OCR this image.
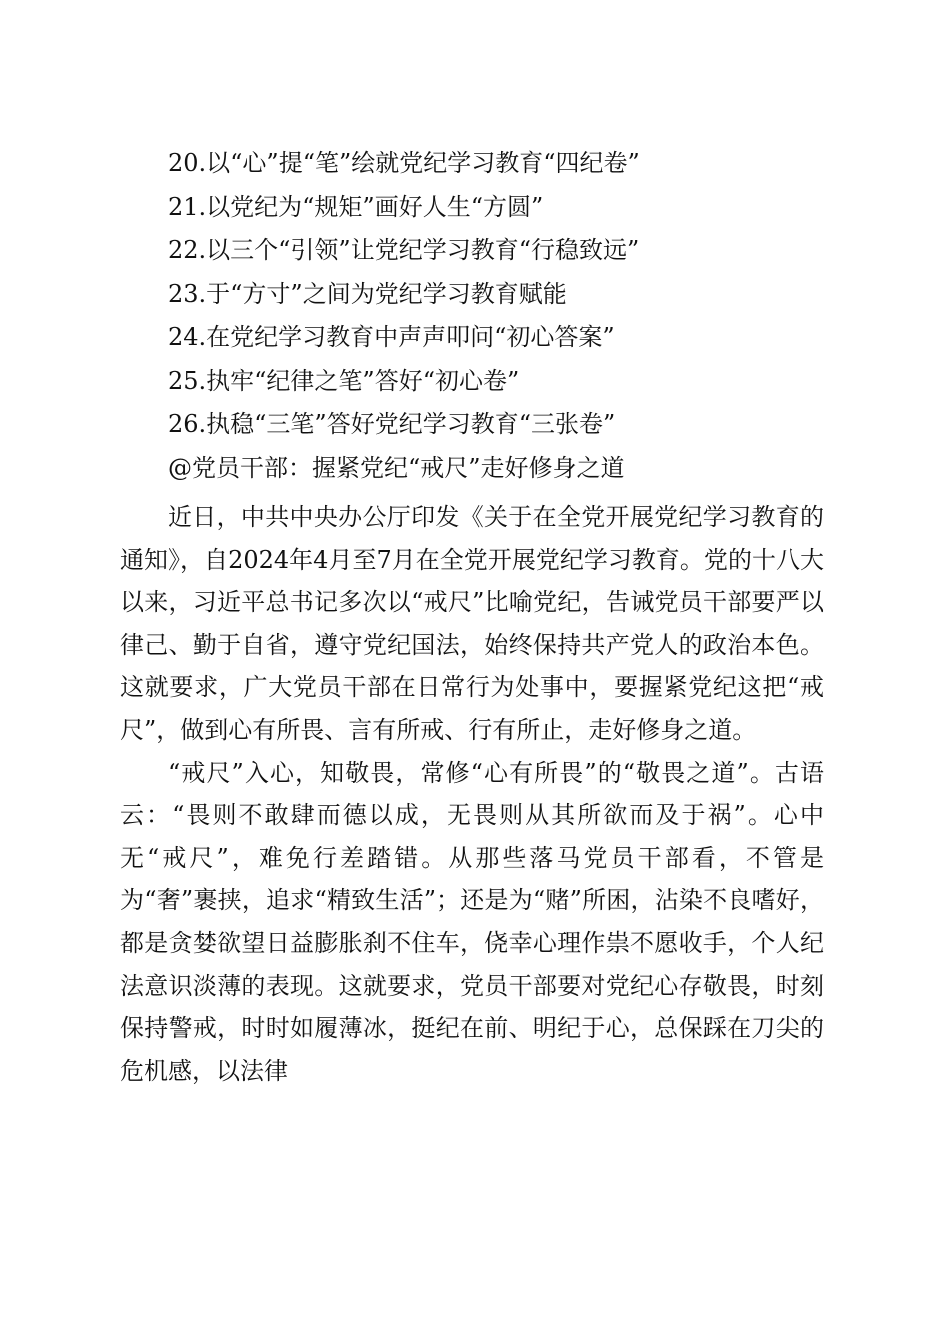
20.以“心”提“笔”绘就党纪学习教育“四纪卷”
21.以党纪为“规矩”画好人生“方圆”
22.以三个“引领”让党纪学习教育“行稳致远”
23.于“方寸”之间为党纪学习教育赋能
24.在党纪学习教育中声声叩问“初心答案”
25.执牢“纪律之笔”答好“初心卷”
26.执稳“三笔”答好党纪学习教育“三张卷”
@党员干部：握紧党纪“戒尺”走好修身之道

近日，中共中央办公厅印发《关于在全党开展党纪学习教育的通知》，自2024年4月至7月在全党开展党纪学习教育。党的十八大以来，习近平总书记多次以“戒尺”比喻党纪，告诫党员干部要严以律己、勤于自省，遵守党纪国法，始终保持共产党人的政治本色。这就要求，广大党员干部在日常行为处事中，要握紧党纪这把“戒尺”，做到心有所畏、言有所戒、行有所止，走好修身之道。

“戒尺”入心，知敬畏，常修“心有所畏”的“敬畏之道”。古语云：“畏则不敢肆而德以成，无畏则从其所欲而及于祸”。心中无“戒尺”，难免行差踏错。从那些落马党员干部看，不管是为“奢”裹挟，追求“精致生活”；还是为“赌”所困，沾染不良嗜好，都是贪婪欲望日益膨胀刹不住车，侥幸心理作祟不愿收手，个人纪法意识淡薄的表现。这就要求，党员干部要对党纪心存敬畏，时刻保持警戒，时时如履薄冰，挺纪在前、明纪于心，总保踩在刀尖的危机感，以法律
